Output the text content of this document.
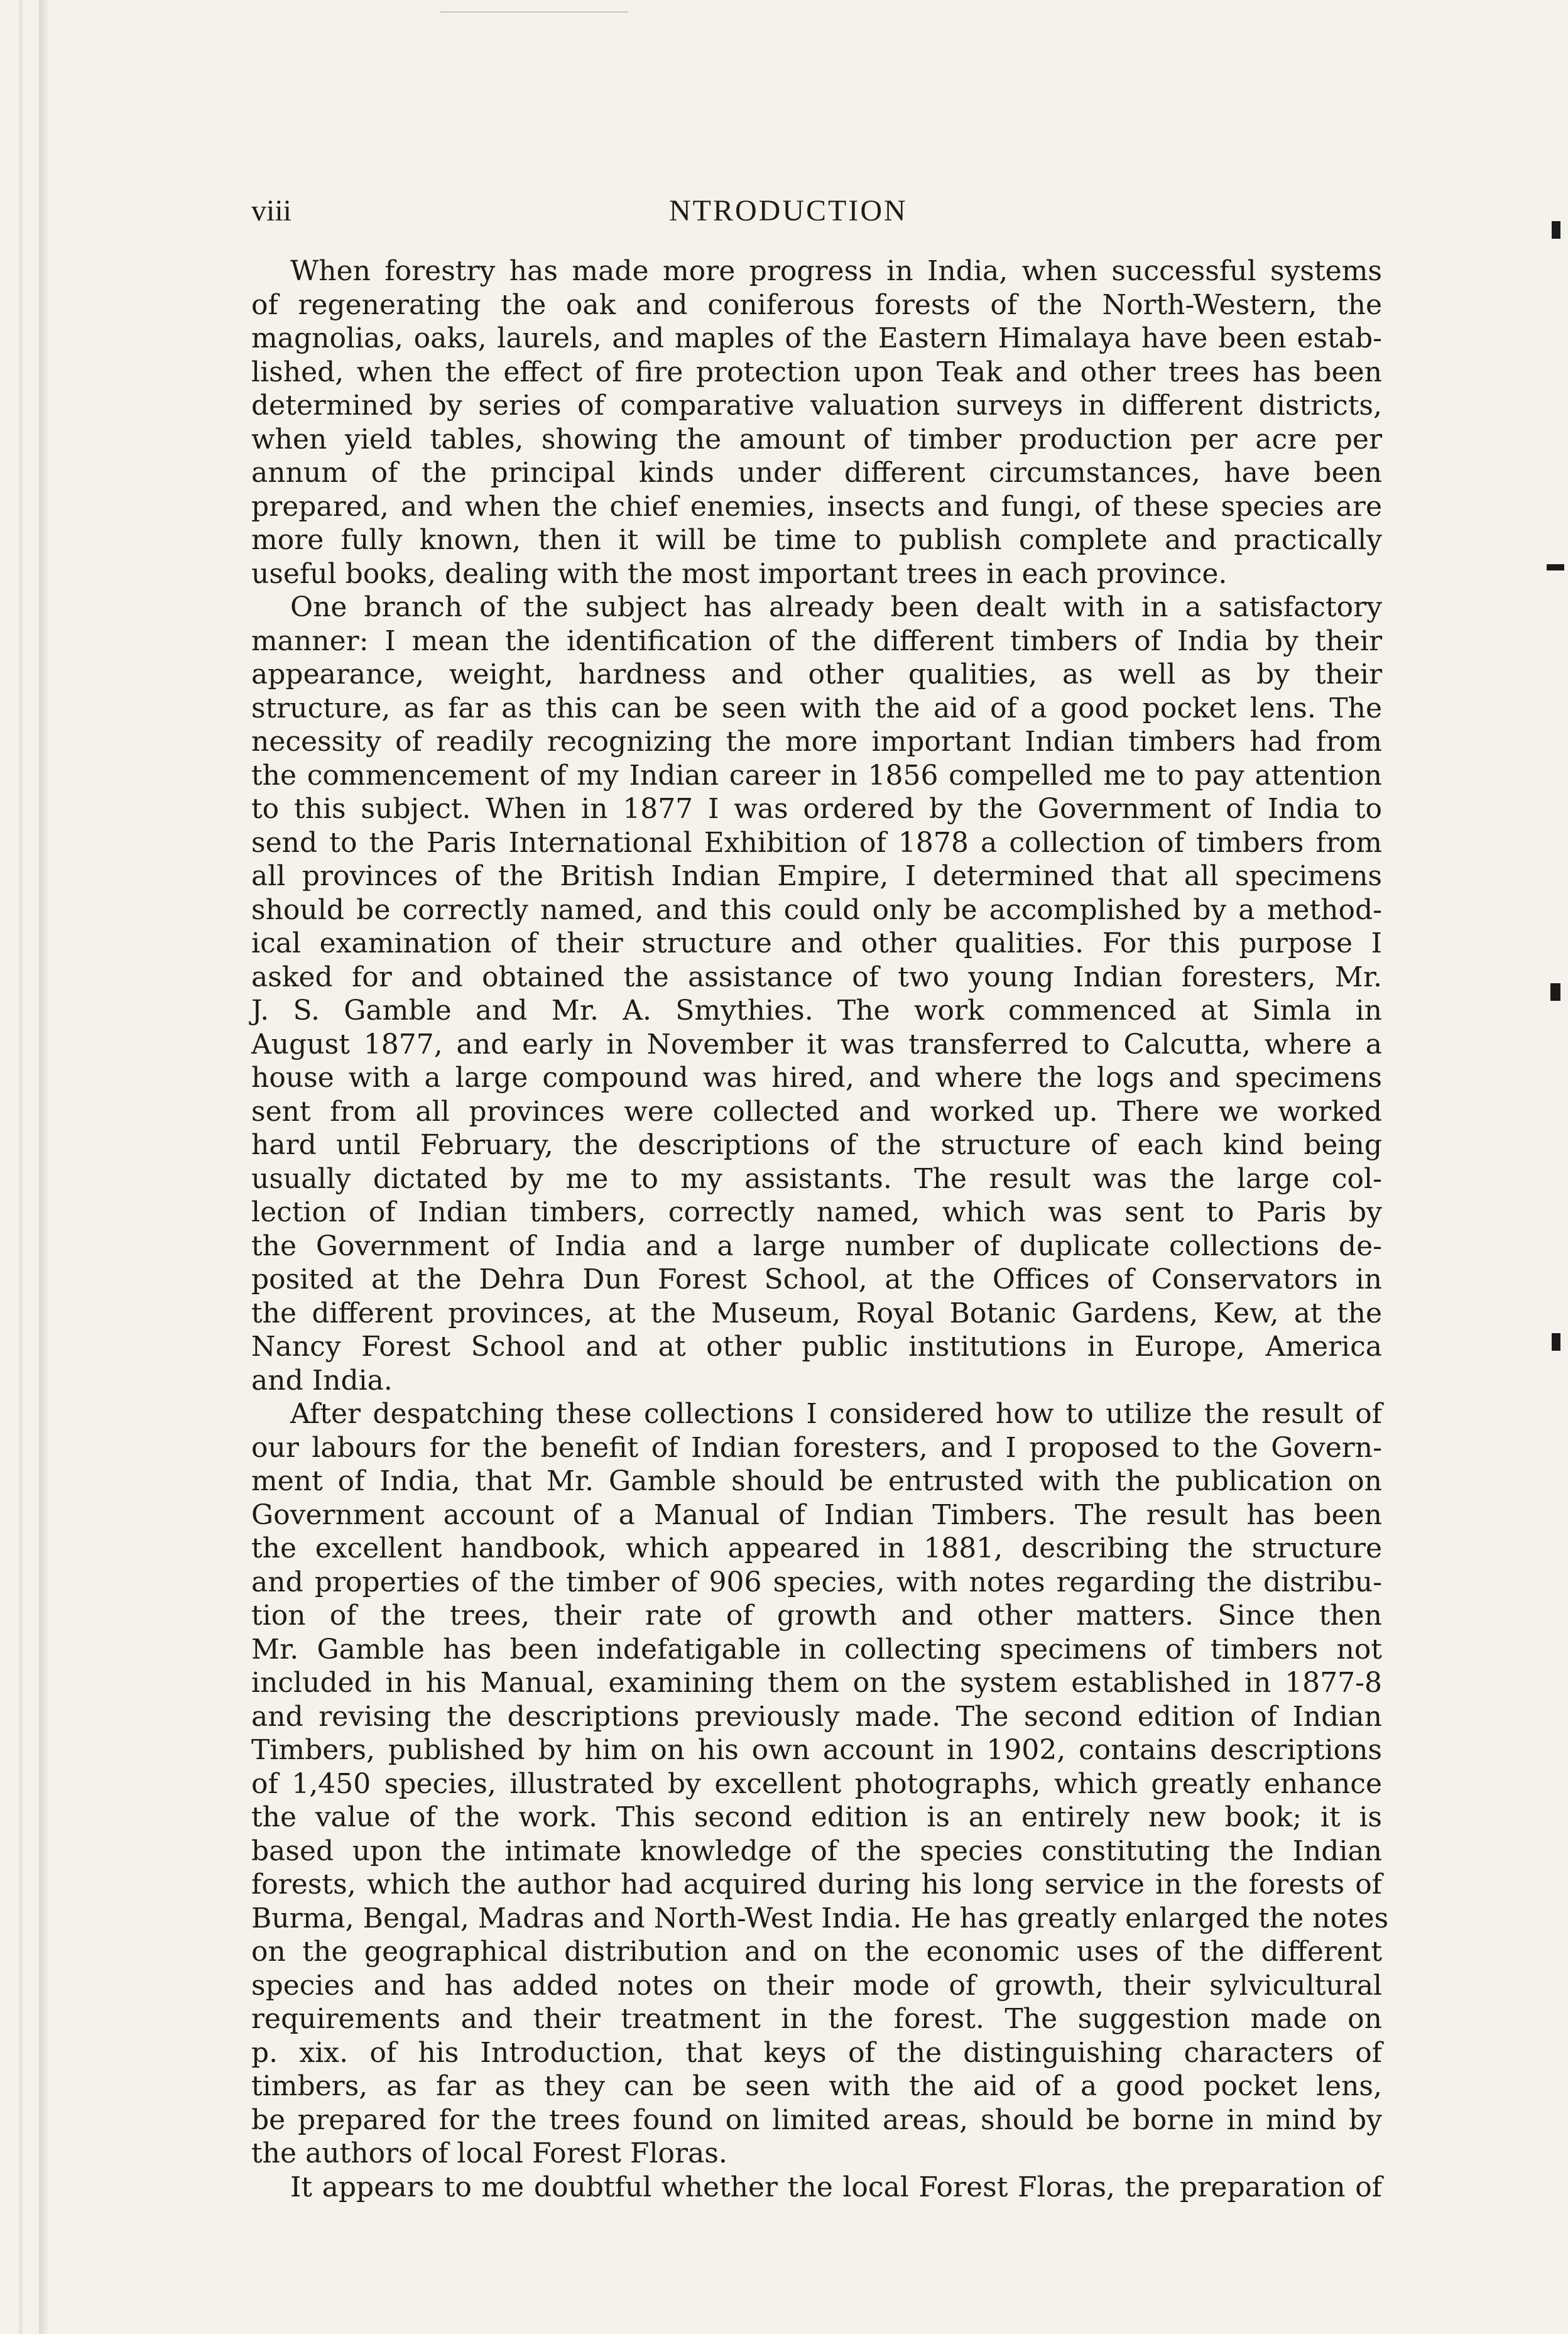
viii	NTRODUCTION
When forestry has made more progress in India, when successful systems
of regenerating the oak and coniferous forests of the North-Western, the
magnolias, oaks, laurels, and maples of the Eastern Himalaya have been estab-
lished, when the effect of fire protection upon Teak and other trees has been
determined by series of comparative valuation surveys in different districts,
when yield tables, showing the amount of timber production per acre per
annum of the principal kinds under different circumstances, have been
prepared, and when the chief enemies, insects and fungi, of these species are
more fully known, then it will be time to publish complete and practically
useful books, dealing with the most important trees in each province.
One branch of the subject has already been dealt with in a satisfactory
manner: I mean the identification of the different timbers of India by their
appearance, weight, hardness and other qualities, as well as by their
structure, as far as this can be seen with the aid of a good pocket lens. The
necessity of readily recognizing the more important Indian timbers had from
the commencement of my Indian career in 1856 compelled me to pay attention
to this subject. When in 1877 I was ordered by the Government of India to
send to the Paris International Exhibition of 1878 a collection of timbers from
all provinces of the British Indian Empire, I determined that all specimens
should be correctly named, and this could only be accomplished by a method-
ical examination of their structure and other qualities. For this purpose I
asked for and obtained the assistance of two young Indian foresters, Mr.
J. S. Gamble and Mr. A. Smythies. The work commenced at Simla in
August 1877, and early in November it was transferred to Calcutta, where a
house with a large compound was hired, and where the logs and specimens
sent from all provinces were collected and worked up. There we worked
hard until February, the descriptions of the structure of each kind being
usually dictated by me to my assistants. The result was the large col-
lection of Indian timbers, correctly named, which was sent to Paris by
the Government of India and a large number of duplicate collections de-
posited at the Dehra Dun Forest School, at the Offices of Conservators in
the different provinces, at the Museum, Royal Botanic Gardens, Kew, at the
Nancy Forest School and at other public institutions in Europe, America
and India.
After despatching these collections I considered how to utilize the result of
our labours for the benefit of Indian foresters, and I proposed to the Govern-
ment of India, that Mr. Gamble should be entrusted with the publication on
Government account of a Manual of Indian Timbers. The result has been
the excellent handbook, which appeared in 1881, describing the structure
and properties of the timber of 906 species, with notes regarding the distribu-
tion of the trees, their rate of growth and other matters. Since then
Mr. Gamble has been indefatigable in collecting specimens of timbers not
included in his Manual, examining them on the system established in 1877-8
and revising the descriptions previously made. The second edition of Indian
Timbers, published by him on his own account in 1902, contains descriptions
of 1,450 species, illustrated by excellent photographs, which greatly enhance
the value of the work. This second edition is an entirely new book; it is
based upon the intimate knowledge of the species constituting the Indian
forests, which the author had acquired during his long service in the forests of
Burma, Bengal, Madras and North-West India. He has greatly enlarged the notes
on the geographical distribution and on the economic uses of the different
species and has added notes on their mode of growth, their sylvicultural
requirements and their treatment in the forest. The suggestion made on
p. xix. of his Introduction, that keys of the distinguishing characters of
timbers, as far as they can be seen with the aid of a good pocket lens,
be prepared for the trees found on limited areas, should be borne in mind by
the authors of local Forest Floras.
It appears to me doubtful whether the local Forest Floras, the preparation of
